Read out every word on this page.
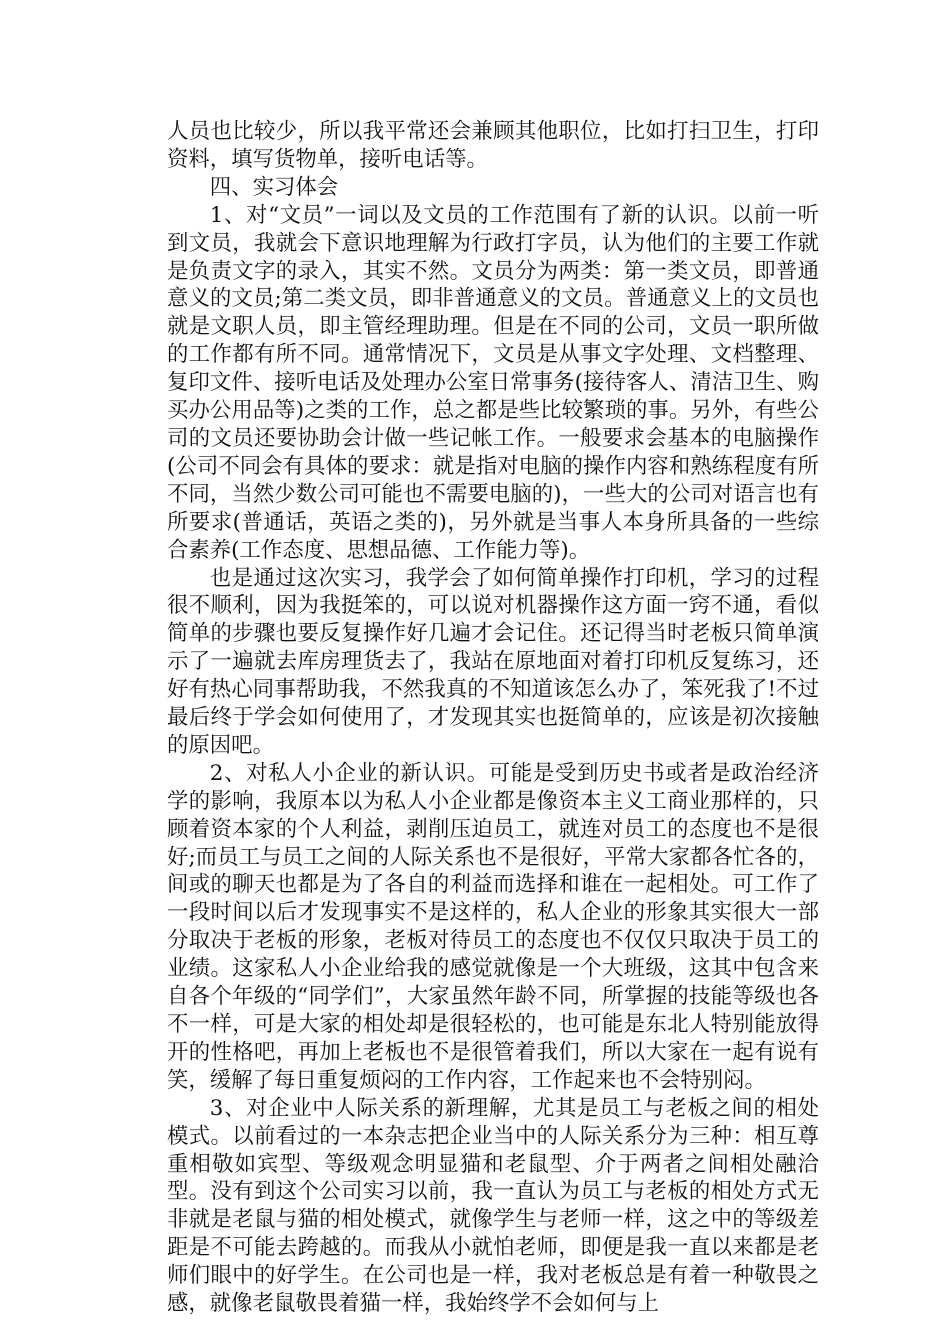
人员也比较少，所以我平常还会兼顾其他职位，比如打扫卫生，打印资料，填写货物单，接听电话等。

四、实习体会

1、对“文员”一词以及文员的工作范围有了新的认识。以前一听到文员，我就会下意识地理解为行政打字员，认为他们的主要工作就是负责文字的录入，其实不然。文员分为两类：第一类文员，即普通意义的文员;第二类文员，即非普通意义的文员。普通意义上的文员也就是文职人员，即主管经理助理。但是在不同的公司，文员一职所做的工作都有所不同。通常情况下，文员是从事文字处理、文档整理、复印文件、接听电话及处理办公室日常事务(接待客人、清洁卫生、购买办公用品等)之类的工作，总之都是些比较繁琐的事。另外，有些公司的文员还要协助会计做一些记帐工作。一般要求会基本的电脑操作(公司不同会有具体的要求：就是指对电脑的操作内容和熟练程度有所不同，当然少数公司可能也不需要电脑的)，一些大的公司对语言也有所要求(普通话，英语之类的)，另外就是当事人本身所具备的一些综合素养(工作态度、思想品德、工作能力等)。

也是通过这次实习，我学会了如何简单操作打印机，学习的过程很不顺利，因为我挺笨的，可以说对机器操作这方面一窍不通，看似简单的步骤也要反复操作好几遍才会记住。还记得当时老板只简单演示了一遍就去库房理货去了，我站在原地面对着打印机反复练习，还好有热心同事帮助我，不然我真的不知道该怎么办了，笨死我了!不过最后终于学会如何使用了，才发现其实也挺简单的，应该是初次接触的原因吧。

2、对私人小企业的新认识。可能是受到历史书或者是政治经济学的影响，我原本以为私人小企业都是像资本主义工商业那样的，只顾着资本家的个人利益，剥削压迫员工，就连对员工的态度也不是很好;而员工与员工之间的人际关系也不是很好，平常大家都各忙各的，间或的聊天也都是为了各自的利益而选择和谁在一起相处。可工作了一段时间以后才发现事实不是这样的，私人企业的形象其实很大一部分取决于老板的形象，老板对待员工的态度也不仅仅只取决于员工的业绩。这家私人小企业给我的感觉就像是一个大班级，这其中包含来自各个年级的“同学们”，大家虽然年龄不同，所掌握的技能等级也各不一样，可是大家的相处却是很轻松的，也可能是东北人特别能放得开的性格吧，再加上老板也不是很管着我们，所以大家在一起有说有笑，缓解了每日重复烦闷的工作内容，工作起来也不会特别闷。

3、对企业中人际关系的新理解，尤其是员工与老板之间的相处模式。以前看过的一本杂志把企业当中的人际关系分为三种：相互尊重相敬如宾型、等级观念明显猫和老鼠型、介于两者之间相处融洽型。没有到这个公司实习以前，我一直认为员工与老板的相处方式无非就是老鼠与猫的相处模式，就像学生与老师一样，这之中的等级差距是不可能去跨越的。而我从小就怕老师，即便是我一直以来都是老师们眼中的好学生。在公司也是一样，我对老板总是有着一种敬畏之感，就像老鼠敬畏着猫一样，我始终学不会如何与上
